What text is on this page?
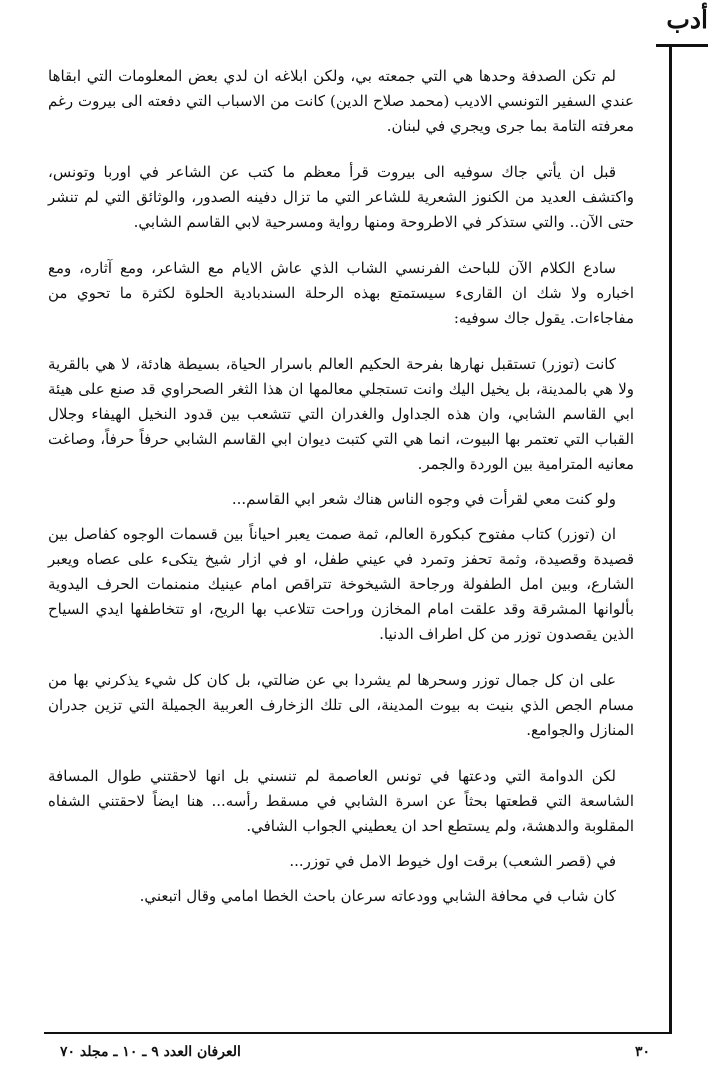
أدب

لم تكن الصدفة وحدها هي التي جمعته بي، ولكن ابلاغه ان لدي بعض المعلومات التي ابقاها عندي السفير التونسي الاديب (محمد صلاح الدين) كانت من الاسباب التي دفعته الى بيروت رغم معرفته التامة بما جرى ويجري في لبنان.

قبل ان يأتي جاك سوفيه الى بيروت قرأ معظم ما كتب عن الشاعر في اوربا وتونس، واكتشف العديد من الكنوز الشعرية للشاعر التي ما تزال دفينه الصدور، والوثائق التي لم تنشر حتى الآن.. والتي ستذكر في الاطروحة ومنها رواية ومسرحية لابي القاسم الشابي.

سادع الكلام الآن للباحث الفرنسي الشاب الذي عاش الايام مع الشاعر، ومع آثاره، ومع اخباره ولا شك ان القارىء سيستمتع بهذه الرحلة السندبادية الحلوة لكثرة ما تحوي من مفاجاءات. يقول جاك سوفيه:

كانت (توزر) تستقبل نهارها بفرحة الحكيم العالم باسرار الحياة، بسيطة هادئة، لا هي بالقرية ولا هي بالمدينة، بل يخيل اليك وانت تستجلي معالمها ان هذا الثغر الصحراوي قد صنع على هيئة ابي القاسم الشابي، وان هذه الجداول والغدران التي تتشعب بين قدود النخيل الهيفاء وجلال القباب التي تعتمر بها البيوت، انما هي التي كتبت ديوان ابي القاسم الشابي حرفاً حرفاً، وصاغت معانيه المترامية بين الوردة والجمر.

ولو كنت معي لقرأت في وجوه الناس هناك شعر ابي القاسم...

ان (توزر) كتاب مفتوح كبكورة العالم، ثمة صمت يعبر احياناً بين قسمات الوجوه كفاصل بين قصيدة وقصيدة، وثمة تحفز وتمرد في عيني طفل، او في ازار شيخ يتكىء على عصاه ويعبر الشارع، وبين امل الطفولة ورجاحة الشيخوخة تتراقص امام عينيك منمنمات الحرف اليدوية بألوانها المشرقة وقد علقت امام المخازن وراحت تتلاعب بها الريح، او تتخاطفها ايدي السياح الذين يقصدون توزر من كل اطراف الدنيا.

على ان كل جمال توزر وسحرها لم يشردا بي عن ضالتي، بل كان كل شيء يذكرني بها من مسام الجص الذي بنيت به بيوت المدينة، الى تلك الزخارف العربية الجميلة التي تزين جدران المنازل والجوامع.

لكن الدوامة التي ودعتها في تونس العاصمة لم تنسني بل انها لاحقتني طوال المسافة الشاسعة التي قطعتها بحثاً عن اسرة الشابي في مسقط رأسه... هنا ايضاً لاحقتني الشفاه المقلوبة والدهشة، ولم يستطع احد ان يعطيني الجواب الشافي.

في (قصر الشعب) برقت اول خيوط الامل في توزر...

كان شاب في محافة الشابي وودعاته سرعان باحث الخطا امامي وقال اتبعني.

٣٠
العرفان العدد ٩ ـ ١٠ ـ مجلد ٧٠
